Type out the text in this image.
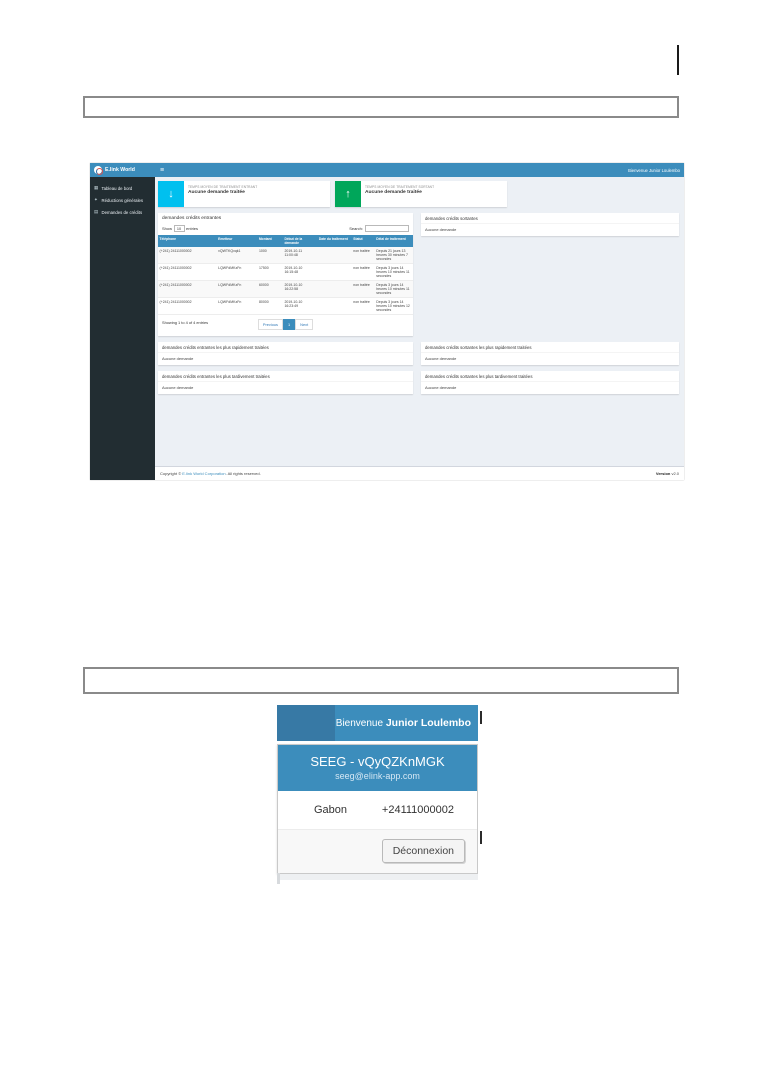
E.link World	≡	Bienvenue Junior Loulembo
▦ Tableau de bord
✦ Réductions générales
▤ Demandes de crédits
↓
TEMPS MOYEN DE TRAITEMENT ENTRANT
Aucune demande traitée	↑
TEMPS MOYEN DE TRAITEMENT SORTANT
Aucune demande traitée
demandes crédits entrantes
Show	10	entries	Search:
Téléphone	Emetteur	Montant	Début de la demande	Date du traitement	Statut	Délai de traitement
(+241) 24111000002	vQWTKQxqk1	1000	2019-10-11 11:00:48		non traitée	Depuis 21 jours 13 heures 30 minutes 7 secondes
(+241) 24111000002	LQWFdMKzFn	17500	2019-10-10 16:15:48		non traitée	Depuis 3 jours 14 heures 10 minutes 11 secondes
(+241) 24111000002	LQWFdMKzFn	60000	2019-10-10 16:22:58		non traitée	Depuis 3 jours 14 heures 10 minutes 11 secondes
(+241) 24111000002	LQWFdMKzFn	80000	2019-10-10 16:23:49		non traitée	Depuis 3 jours 14 heures 10 minutes 12 secondes
Showing 1 to 4 of 4 entries	Previous	1	Next
demandes crédits sortantes
Aucune demande
demandes crédits entrantes les plus rapidement traitées
Aucune demande
demandes crédits sortantes les plus rapidement traitées
Aucune demande
demandes crédits entrantes les plus tardivement traitées
Aucune demande
demandes crédits sortantes les plus tardivement traitées
Aucune demande
Copyright © E.link World Corporation. All rights reserved.	Version v2.0
Bienvenue Junior Loulembo
SEEG - vQyQZKnMGK
seeg@elink-app.com
Gabon	+24111000002
Déconnexion
